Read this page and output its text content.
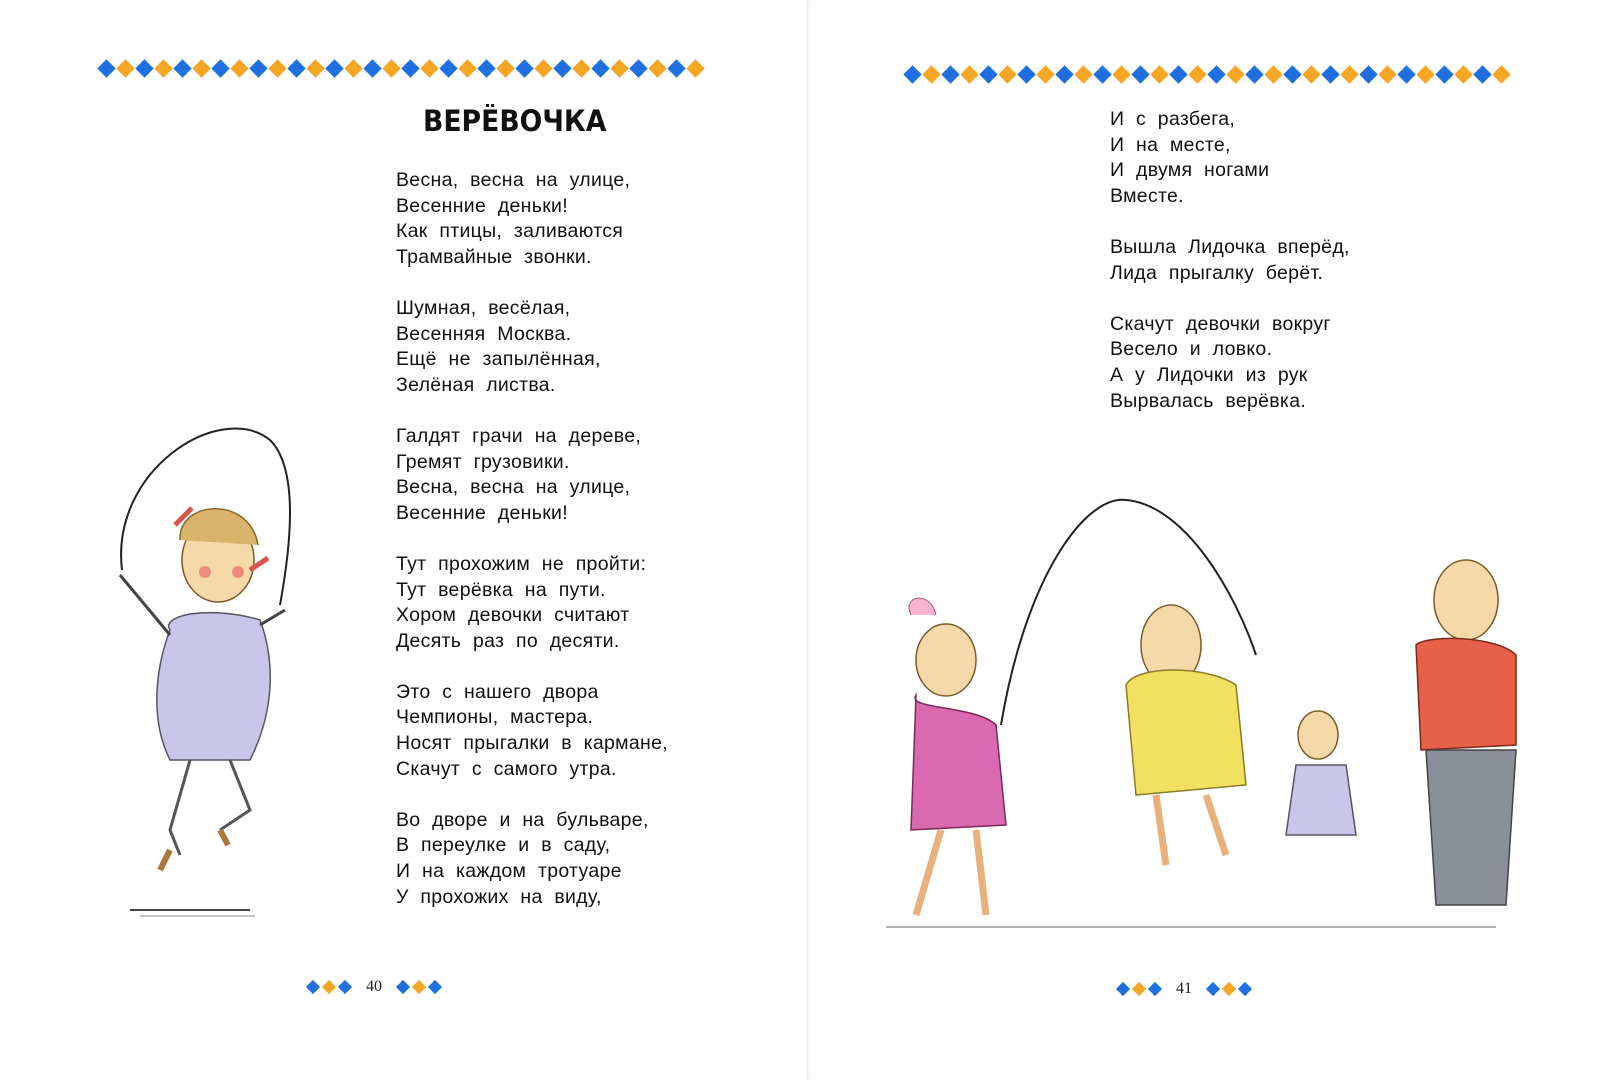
ВЕРЁВОЧКА
Весна, весна на улице,
Весенние деньки!
Как птицы, заливаются
Трамвайные звонки.
Шумная, весёлая,
Весенняя Москва.
Ещё не запылённая,
Зелёная листва.
Галдят грачи на дереве,
Гремят грузовики.
Весна, весна на улице,
Весенние деньки!
Тут прохожим не пройти:
Тут верёвка на пути.
Хором девочки считают
Десять раз по десяти.
Это с нашего двора
Чемпионы, мастера.
Носят прыгалки в кармане,
Скачут с самого утра.
Во дворе и на бульваре,
В переулке и в саду,
И на каждом тротуаре
У прохожих на виду,
40
И с разбега,
И на месте,
И двумя ногами
Вместе.
Вышла Лидочка вперёд,
Лида прыгалку берёт.
Скачут девочки вокруг
Весело и ловко.
А у Лидочки из рук
Вырвалась верёвка.
41
